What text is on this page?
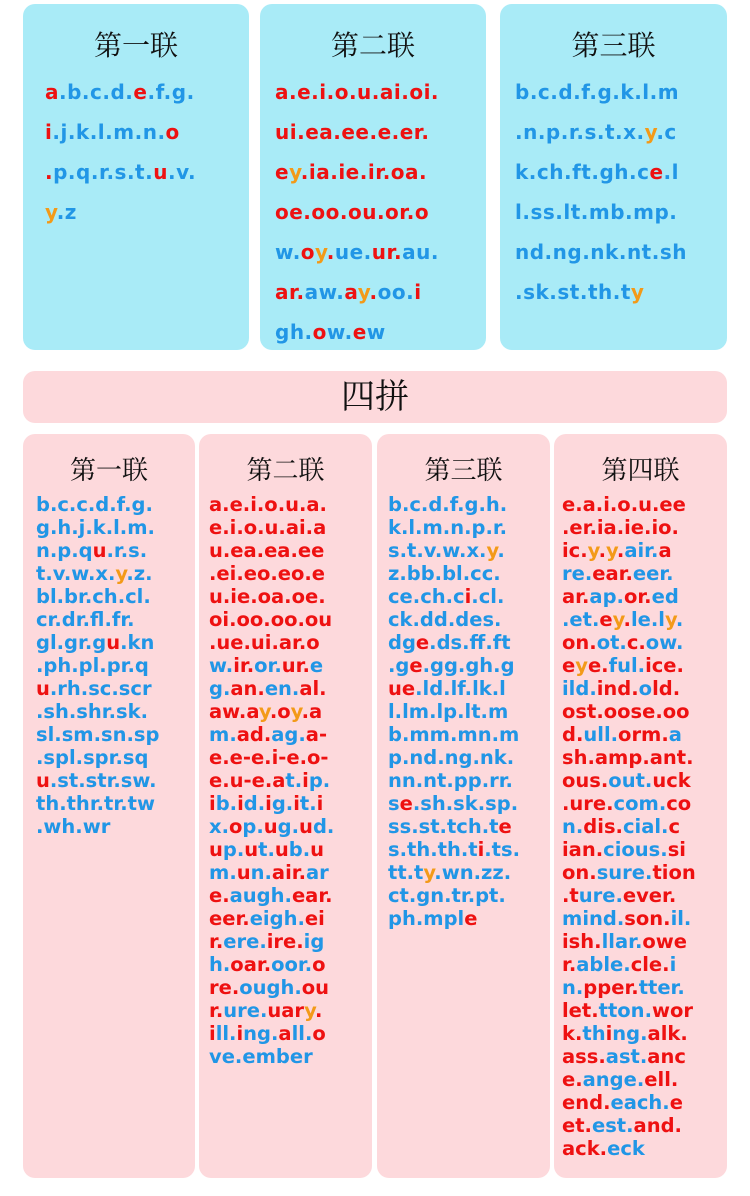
第一联
a.b.c.d.e.f.g.
i.j.k.l.m.n.o
.p.q.r.s.t.u.v.
y.z
第二联
a.e.i.o.u.ai.oi.
ui.ea.ee.e.er.
ey.ia.ie.ir.oa.
oe.oo.ou.or.o
w.oy.ue.ur.au.
ar.aw.ay.oo.i
gh.ow.ew
第三联
b.c.d.f.g.k.l.m
.n.p.r.s.t.x.y.c
k.ch.ft.gh.ce.l
l.ss.lt.mb.mp.
nd.ng.nk.nt.sh
.sk.st.th.ty
四拼
第一联
b.c.c.d.f.g.
g.h.j.k.l.m.
n.p.qu.r.s.
t.v.w.x.y.z.
bl.br.ch.cl.
cr.dr.fl.fr.
gl.gr.gu.kn
.ph.pl.pr.q
u.rh.sc.scr
.sh.shr.sk.
sl.sm.sn.sp
.spl.spr.sq
u.st.str.sw.
th.thr.tr.tw
.wh.wr
第二联
a.e.i.o.u.a.
e.i.o.u.ai.a
u.ea.ea.ee
.ei.eo.eo.e
u.ie.oa.oe.
oi.oo.oo.ou
.ue.ui.ar.o
w.ir.or.ur.e
g.an.en.al.
aw.ay.oy.a
m.ad.ag.a-
e.e-e.i-e.o-
e.u-e.at.ip.
ib.id.ig.it.i
x.op.ug.ud.
up.ut.ub.u
m.un.air.ar
e.augh.ear.
eer.eigh.ei
r.ere.ire.ig
h.oar.oor.o
re.ough.ou
r.ure.uary.
ill.ing.all.o
ve.ember
第三联
b.c.d.f.g.h.
k.l.m.n.p.r.
s.t.v.w.x.y.
z.bb.bl.cc.
ce.ch.ci.cl.
ck.dd.des.
dge.ds.ff.ft
.ge.gg.gh.g
ue.ld.lf.lk.l
l.lm.lp.lt.m
b.mm.mn.m
p.nd.ng.nk.
nn.nt.pp.rr.
se.sh.sk.sp.
ss.st.tch.te
s.th.th.ti.ts.
tt.ty.wn.zz.
ct.gn.tr.pt.
ph.mple
第四联
e.a.i.o.u.ee
.er.ia.ie.io.
ic.y.y.air.a
re.ear.eer.
ar.ap.or.ed
.et.ey.le.ly.
on.ot.c.ow.
eye.ful.ice.
ild.ind.old.
ost.oose.oo
d.ull.orm.a
sh.amp.ant.
ous.out.uck
.ure.com.co
n.dis.cial.c
ian.cious.si
on.sure.tion
.ture.ever.
mind.son.il.
ish.llar.owe
r.able.cle.i
n.pper.tter.
let.tton.wor
k.thing.alk.
ass.ast.anc
e.ange.ell.
end.each.e
et.est.and.
ack.eck
